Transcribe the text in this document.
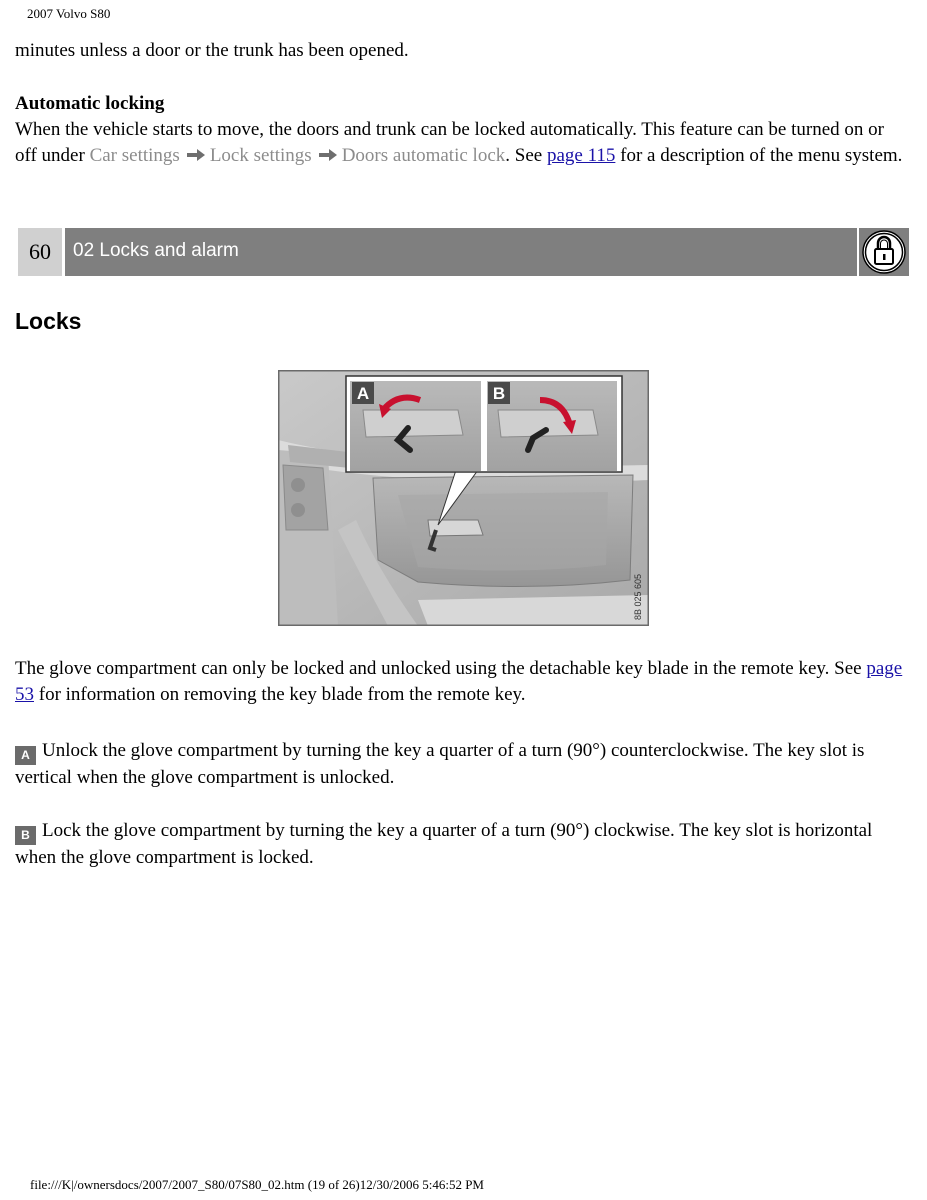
2007 Volvo S80
minutes unless a door or the trunk has been opened.
Automatic locking
When the vehicle starts to move, the doors and trunk can be locked automatically. This feature can be turned on or off under Car settings Lock settings Doors automatic lock. See page 115 for a description of the menu system.
60	02 Locks and alarm
Locks
A	B
8B 025 605
The glove compartment can only be locked and unlocked using the detachable key blade in the remote key. See page 53 for information on removing the key blade from the remote key.
A Unlock the glove compartment by turning the key a quarter of a turn (90°) counterclockwise. The key slot is vertical when the glove compartment is unlocked.
B Lock the glove compartment by turning the key a quarter of a turn (90°) clockwise. The key slot is horizontal when the glove compartment is locked.
file:///K|/ownersdocs/2007/2007_S80/07S80_02.htm (19 of 26)12/30/2006 5:46:52 PM
